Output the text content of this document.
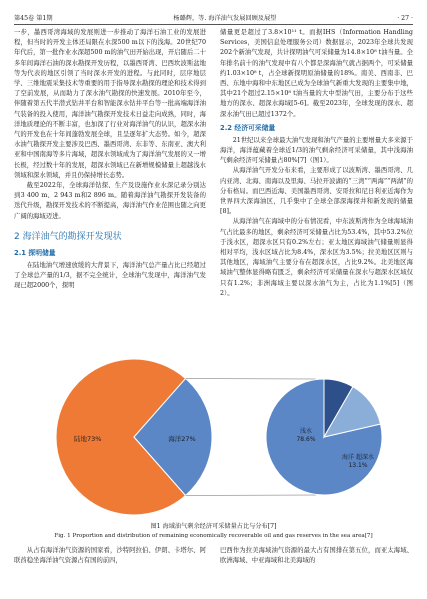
第45卷 第1期	杨璐辉，等. 海洋油气发展回顾及展望	· 27 ·

一步，墨西哥湾海域的发展则进一步推动了海洋石油工业的发展进程，但当时的开发主体还局限在水深500 m以下的浅海。20世纪70年代后，第一批作业水深超500 m的油气田开始出现，开启随后二十多年间海洋石油的深水勘探开发历程，以墨西哥湾、巴西坎波斯盆地等为代表的地区引领了当时深水开发的进程。与此同时，层序地层学、三维地震采集技术等重要的用于指导深水勘探的理论和技术得到了空前发展，从而助力了深水油气勘探的快速发展。2010年至今，伴随着第五代半潜式钻井平台和智能深水钻井平台等一批高端海洋油气装备的投入使用，海洋油气勘探开发技术日益走向成熟，同时，海洋地质理论的不断丰富，也加深了行业对海洋油气的认识，超深水油气的开发也在十年间蓬勃发展全球，且呈逐年扩大态势。如今，超深水油气勘探开发主要涉及巴西、墨西哥湾、东非等、东南亚、澳大利亚和中国南海等多片海域，超深水领域成为了海洋油气发展的又一增长极，经过数十年的发展，超深水领域已在新增规模储量上超越浅水领域和深水领域，并且仍保持增长态势。

截至2022年，全球海洋钻探、生产及设施作业水深记录分别达到3 400 m、2 943 m和2 896 m。随着海洋油气勘探开发装备的迭代升级，勘探开发技术的不断提高，海洋油气作业范围也随之向更广阔的海域迈进。

2 海洋油气的勘探开发现状
2.1 探明储量

在陆地油气增速放缓的大背景下，海洋油气总产量占比已经超过了全球总产量的1/3，据不完全统计，全球油气发现中，海洋油气发现已超2000个，探明

储量更是超过了3.8×10¹¹ t。而据IHS（Information Handling Services，美国信息处理服务公司）数据显示，2023年全球共发现202个新油气发现，共计探明油气可采储量为14.8×10⁸ t油当量。全年排名前十的油气发现中有八个都是深海油气就占据两个，可采储量约1.03×10⁸ t，占全球新探明原油储量的18%。南美、西南非、巴西、东地中海和中东地区已成为全球油气新重大发现的主要集中地，其中21个超过2.15×10⁸ t油当量的大中型油气田，主要分布于这些地方的深水、超深水海域[5-6]。截至2023年，全球发现的深水、超深水油气田已超过1372个。

2.2 经济可采储量

21世纪以来全球最大油气发现和油气产量的主要增量大多来源于海洋，海洋蕴藏着全球近1/3的油气剩余经济可采储量，其中浅海油气剩余经济可采储量占80%[7]（图1）。

从海洋油气开发分布来看，主要形成了以波斯湾、墨西哥湾、几内亚湾、北海、南海以及里海、马拉开波湖的“三湾”“两海”“两湖”的分布格局。而巴西近海、美国墨西哥湾、安哥拉和尼日利亚近海作为世界四大深海油区，几乎集中了全球全部深海探井和新发现的储量[8]。

从海洋油气在海域中的分布情况看，中东波斯湾作为全球海域油气占比最多的地区，剩余经济可采储量占比为53.4%，其中53.2%位于浅水区，超深水区只有0.2%左右；亚太地区海域油气储量则显得相对平均，浅水区域占比为8.4%，深水区为3.5%；拉美地区区则与其他地区，海域油气主要分布在超深水区，占比9.2%。北美地区海域油气整体显得略有匮乏，剩余经济可采储量在深水与超深水区域仅只有1.2%；非洲海域主要以深水油气为主，占比为1.1%[5]（图2）。

陆地73%	海洋27%
浅水
78.6%
海洋 超深水
13.1%
图1 海域油气剩余经济可采储量占比与分布[7]
Fig. 1 Proportion and distribution of remaining economically recoverable oil and gas reserves in the sea area[7]

从占有海洋油气资源的国家看，沙特阿拉伯、伊朗、卡塔尔、阿联酋稳坐海洋油气资源占有国的前四，

巴西作为拉美海域油气资源的最大占有国排在第五位，而亚太海域、欧洲海域、中亚海域和北美海域的
